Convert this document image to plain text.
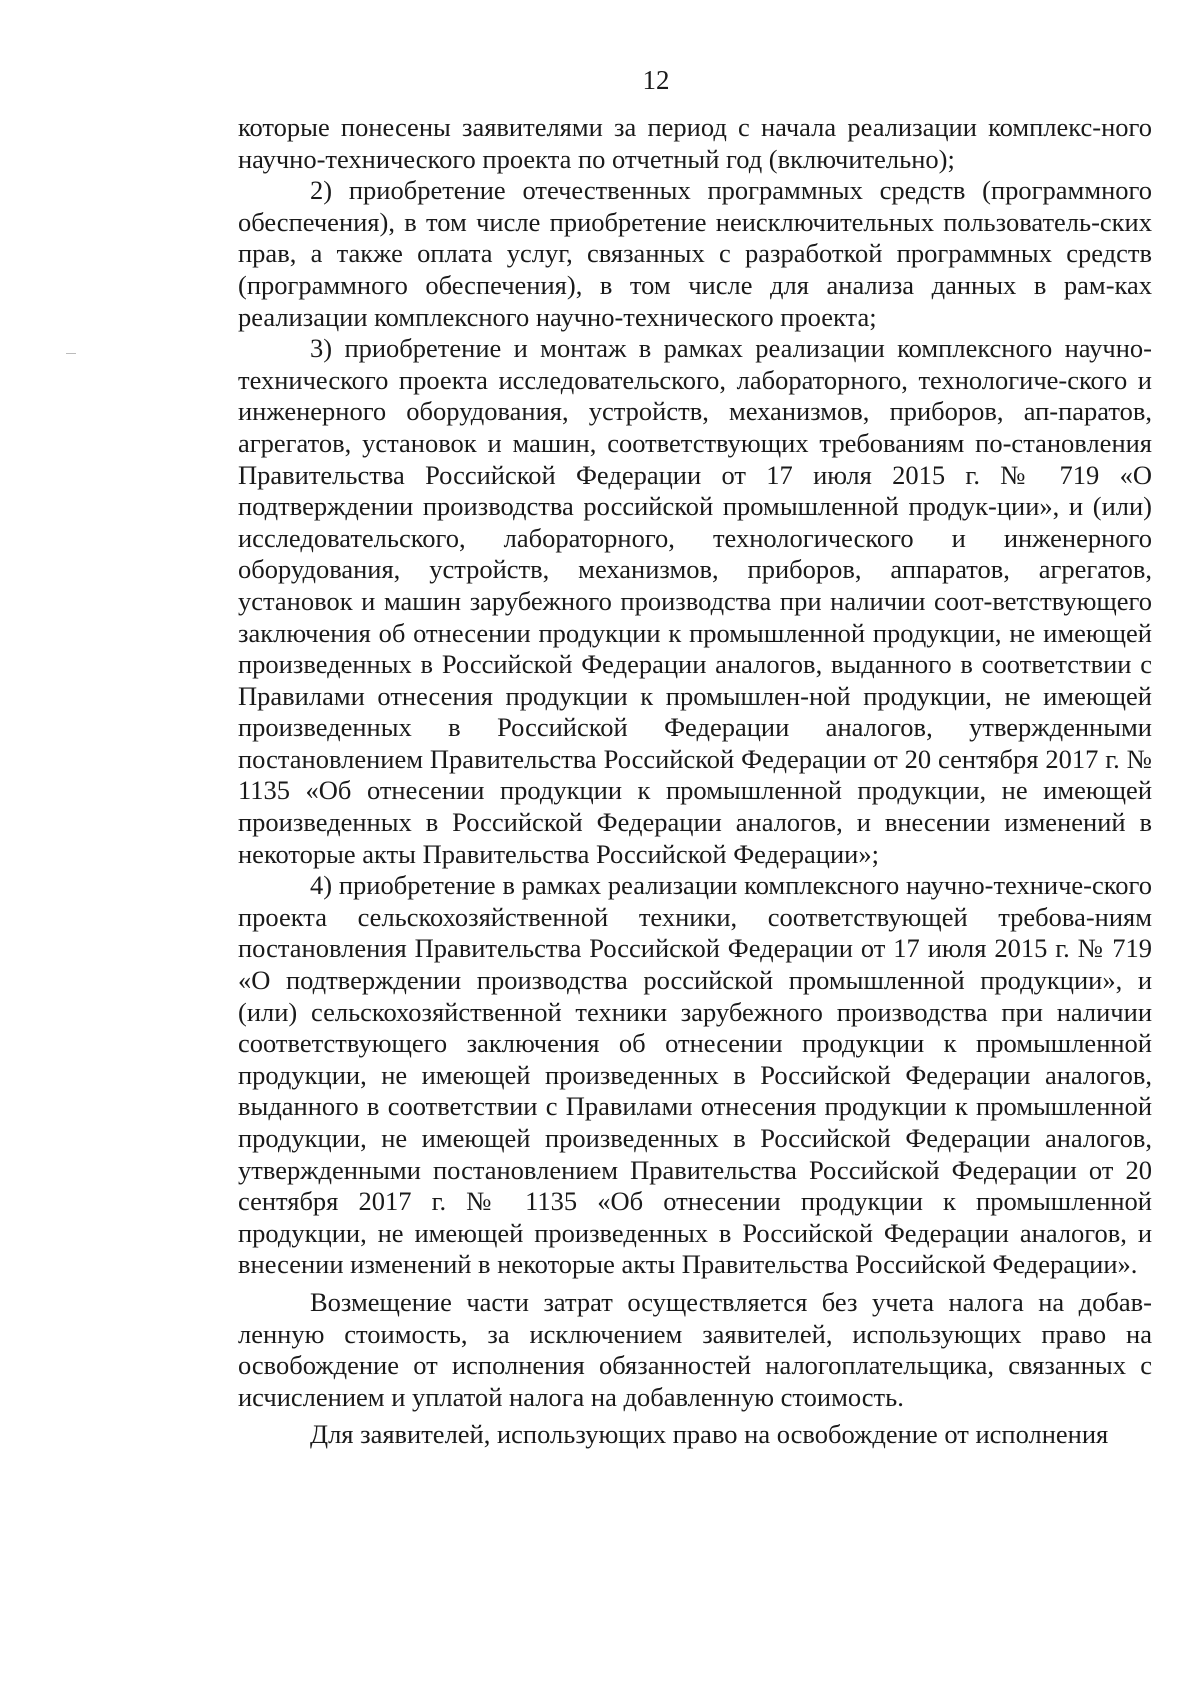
12

которые понесены заявителями за период с начала реализации комплекс-ного научно-технического проекта по отчетный год (включительно);

2) приобретение отечественных программных средств (программного обеспечения), в том числе приобретение неисключительных пользователь-ских прав, а также оплата услуг, связанных с разработкой программных средств (программного обеспечения), в том числе для анализа данных в рам-ках реализации комплексного научно-технического проекта;

3) приобретение и монтаж в рамках реализации комплексного научно-технического проекта исследовательского, лабораторного, технологиче-ского и инженерного оборудования, устройств, механизмов, приборов, ап-паратов, агрегатов, установок и машин, соответствующих требованиям по-становления Правительства Российской Федерации от 17 июля 2015 г. № 719 «О подтверждении производства российской промышленной продук-ции», и (или) исследовательского, лабораторного, технологического и инженерного оборудования, устройств, механизмов, приборов, аппаратов, агрегатов, установок и машин зарубежного производства при наличии соот-ветствующего заключения об отнесении продукции к промышленной продукции, не имеющей произведенных в Российской Федерации аналогов, выданного в соответствии с Правилами отнесения продукции к промышлен-ной продукции, не имеющей произведенных в Российской Федерации аналогов, утвержденными постановлением Правительства Российской Федерации от 20 сентября 2017 г. № 1135 «Об отнесении продукции к промышленной продукции, не имеющей произведенных в Российской Федерации аналогов, и внесении изменений в некоторые акты Правительства Российской Федерации»;

4) приобретение в рамках реализации комплексного научно-техниче-ского проекта сельскохозяйственной техники, соответствующей требова-ниям постановления Правительства Российской Федерации от 17 июля 2015 г. № 719 «О подтверждении производства российской промышленной продукции», и (или) сельскохозяйственной техники зарубежного производства при наличии соответствующего заключения об отнесении продукции к промышленной продукции, не имеющей произведенных в Российской Федерации аналогов, выданного в соответствии с Правилами отнесения продукции к промышленной продукции, не имеющей произведенных в Российской Федерации аналогов, утвержденными постановлением Правительства Российской Федерации от 20 сентября 2017 г. № 1135 «Об отнесении продукции к промышленной продукции, не имеющей произведенных в Российской Федерации аналогов, и внесении изменений в некоторые акты Правительства Российской Федерации».

Возмещение части затрат осуществляется без учета налога на добав-ленную стоимость, за исключением заявителей, использующих право на освобождение от исполнения обязанностей налогоплательщика, связанных с исчислением и уплатой налога на добавленную стоимость.

Для заявителей, использующих право на освобождение от исполнения
